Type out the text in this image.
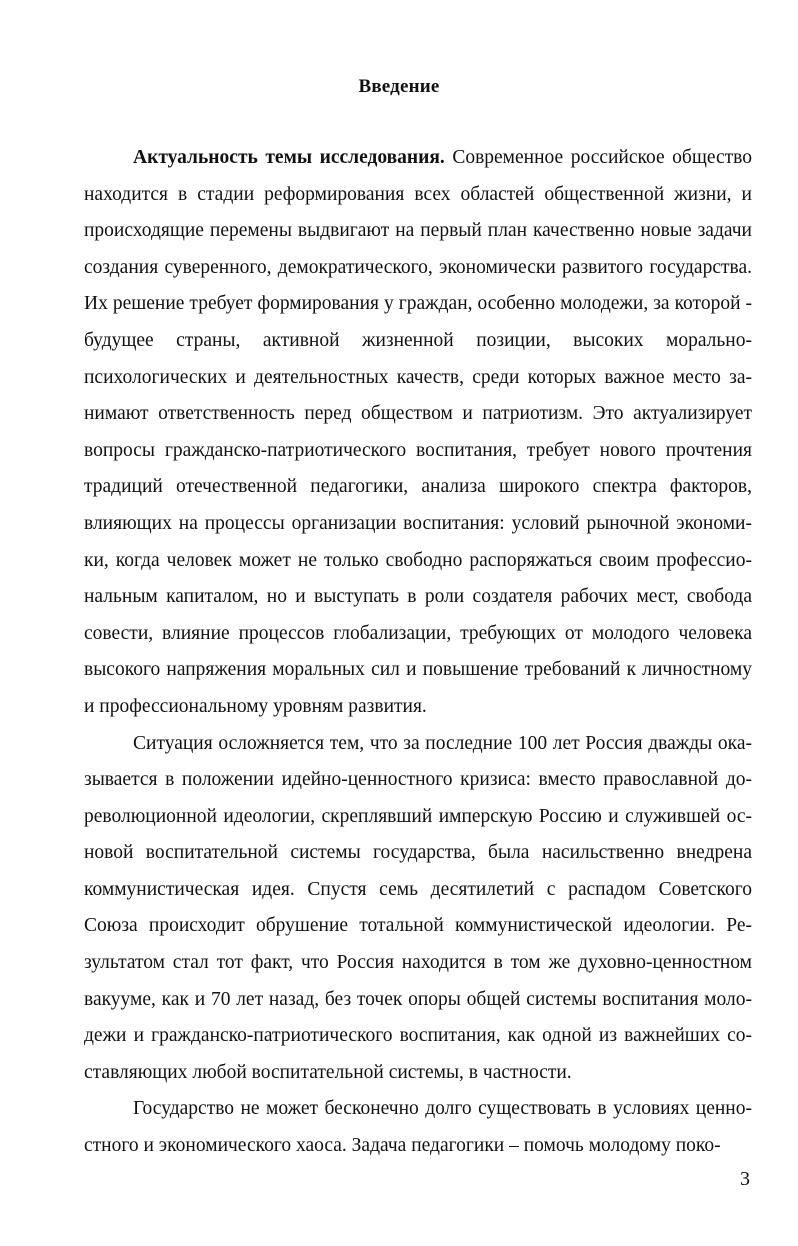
Введение

Актуальность темы исследования. Современное российское общество находится в стадии реформирования всех областей общественной жизни, и происходящие перемены выдвигают на первый план качественно новые задачи создания суверенного, демократического, экономически развитого государства. Их решение требует формирования у граждан, особенно молодежи, за которой - будущее страны, активной жизненной позиции, высоких морально-психологических и деятельностных качеств, среди которых важное место занимают ответственность перед обществом и патриотизм. Это актуализирует вопросы гражданско-патриотического воспитания, требует нового прочтения традиций отечественной педагогики, анализа широкого спектра факторов, влияющих на процессы организации воспитания: условий рыночной экономики, когда человек может не только свободно распоряжаться своим профессиональным капиталом, но и выступать в роли создателя рабочих мест, свобода совести, влияние процессов глобализации, требующих от молодого человека высокого напряжения моральных сил и повышение требований к личностному и профессиональному уровням развития.

Ситуация осложняется тем, что за последние 100 лет Россия дважды оказывается в положении идейно-ценностного кризиса: вместо православной дореволюционной идеологии, скреплявший имперскую Россию и служившей основой воспитательной системы государства, была насильственно внедрена коммунистическая идея. Спустя семь десятилетий с распадом Советского Союза происходит обрушение тотальной коммунистической идеологии. Результатом стал тот факт, что Россия находится в том же духовно-ценностном вакууме, как и 70 лет назад, без точек опоры общей системы воспитания молодежи и гражданско-патриотического воспитания, как одной из важнейших составляющих любой воспитательной системы, в частности.

Государство не может бесконечно долго существовать в условиях ценностного и экономического хаоса. Задача педагогики – помочь молодому поко-

3
